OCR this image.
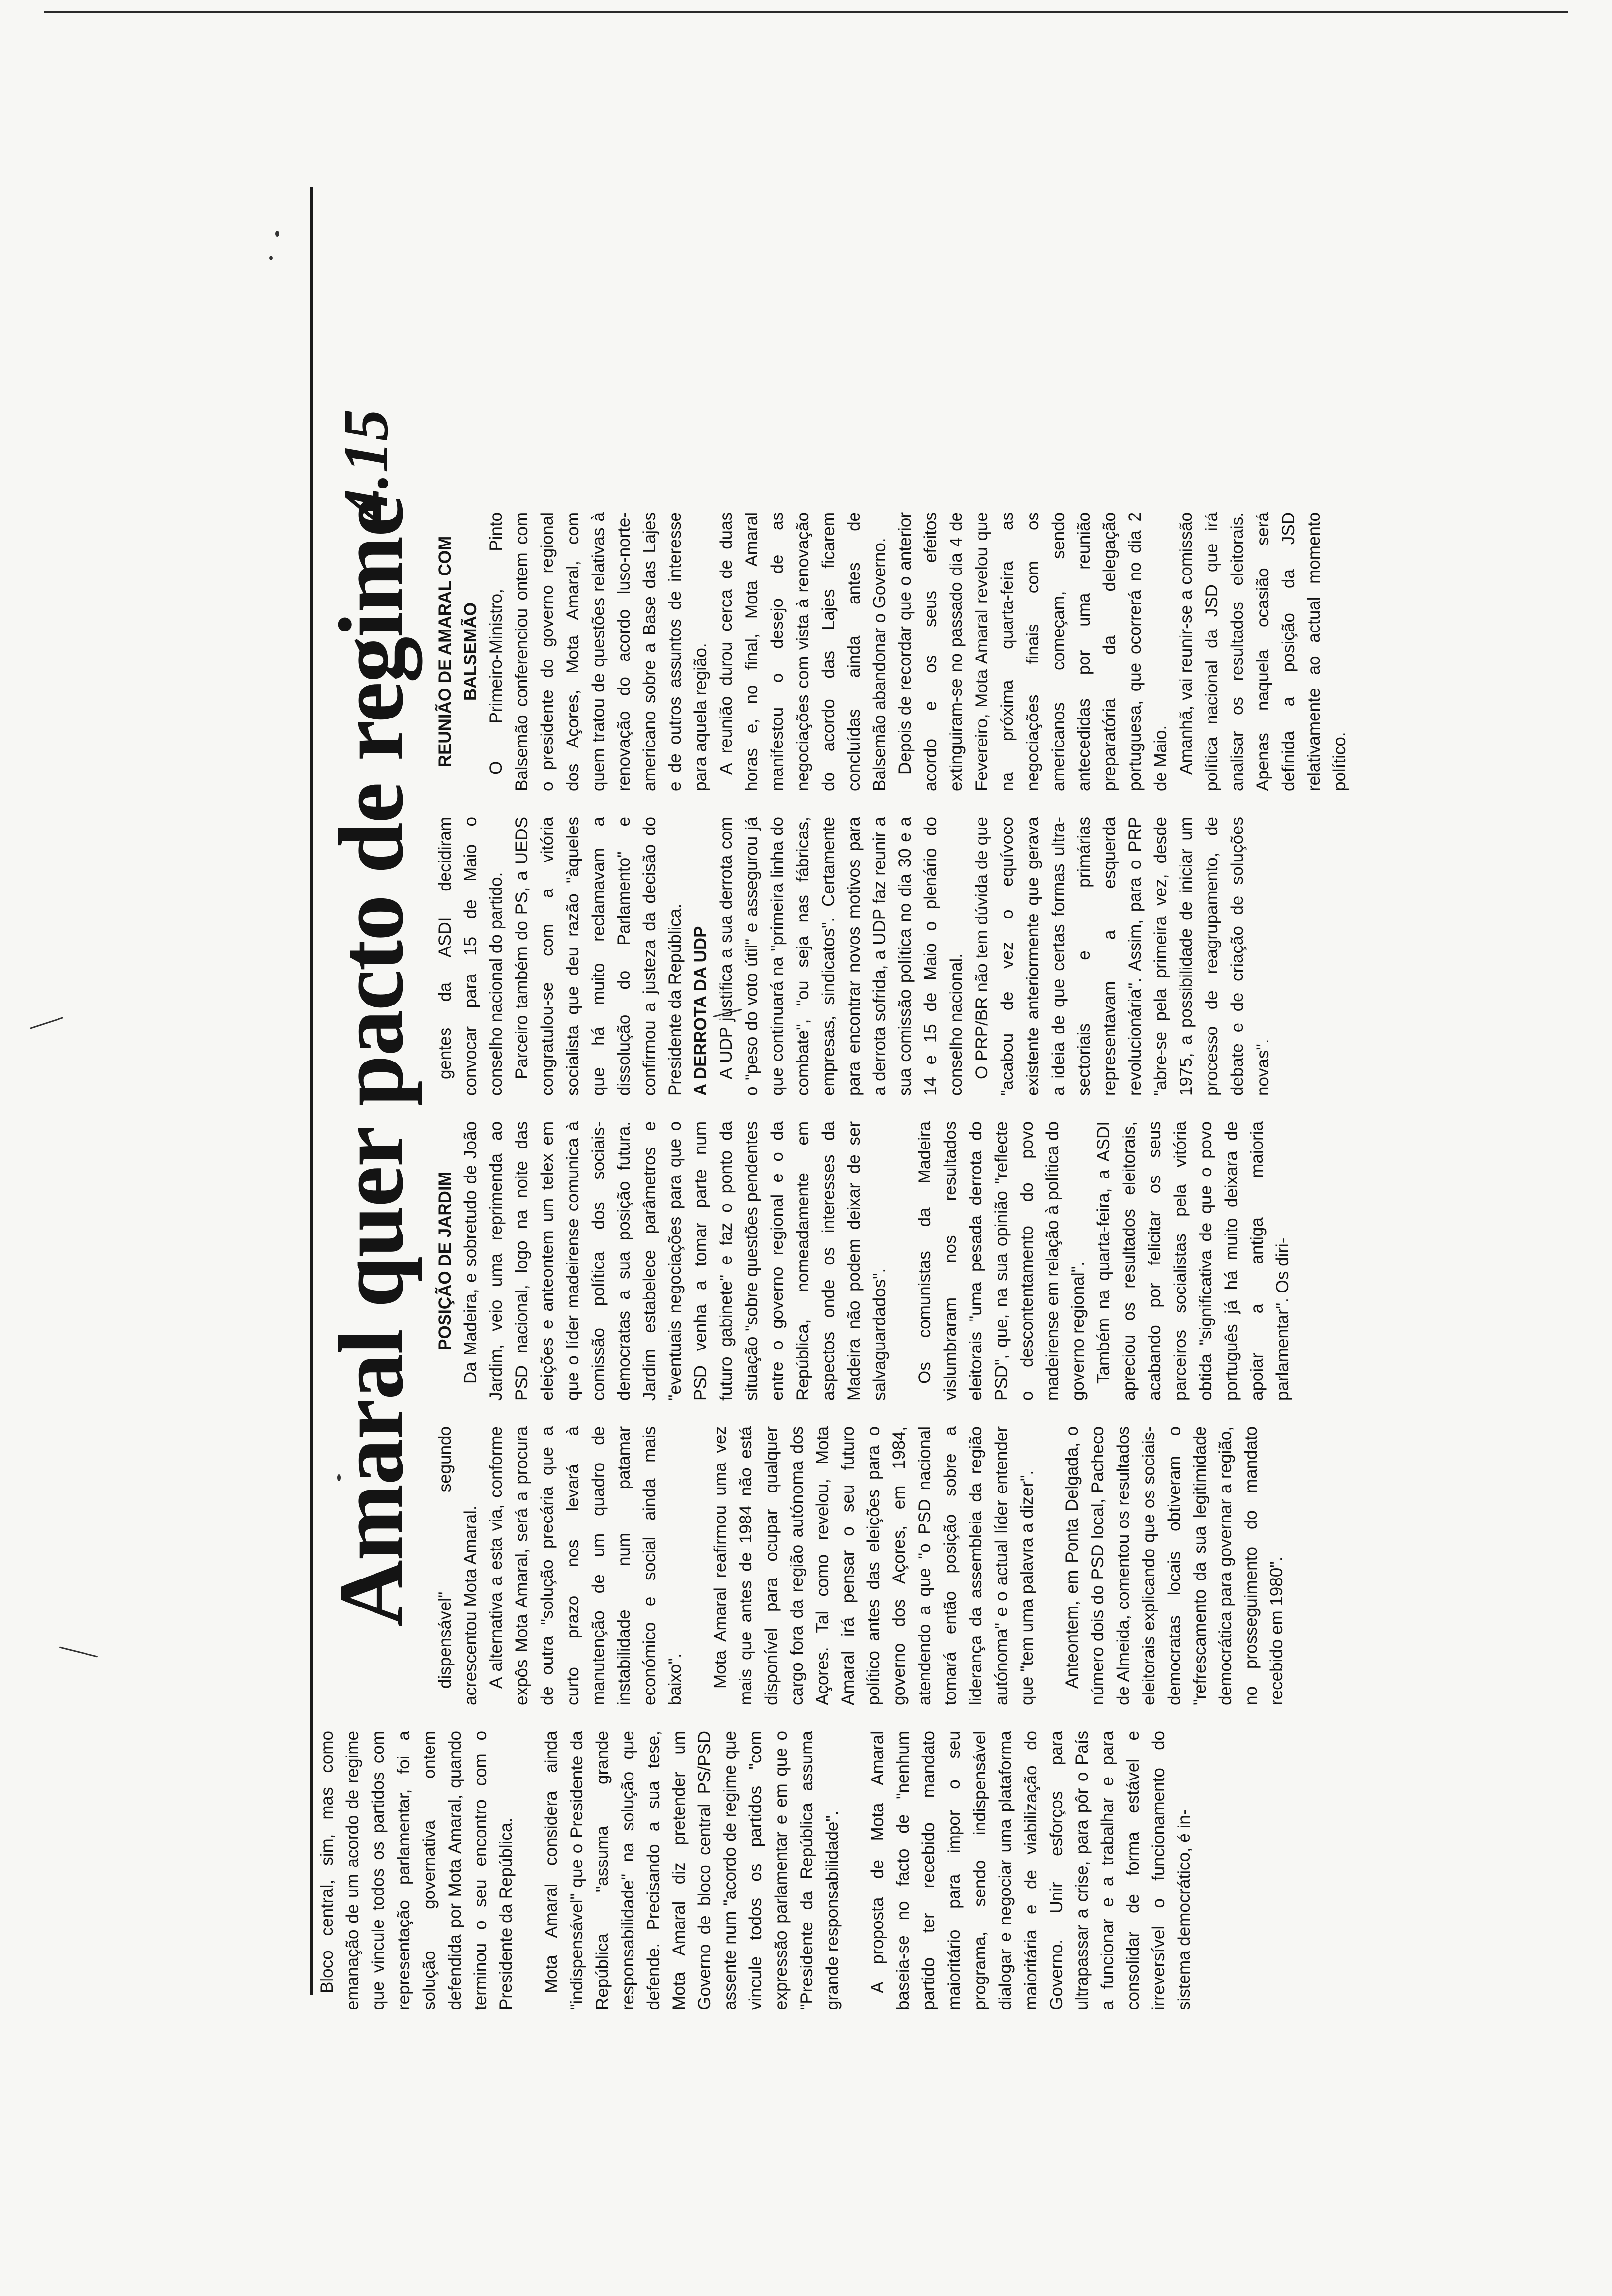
Amaral quer pacto de regime
4.15

Bloco central, sim, mas como emanação de um acordo de regime que vincule todos os partidos com representação parlamentar, foi a solução governativa ontem defendida por Mota Amaral, quando terminou o seu encontro com o Presidente da República. Mota Amaral considera ainda "indispensável" que o Presidente da República "assuma grande responsabilidade" na solução que defende. Precisando a sua tese, Mota Amaral diz pretender um Governo de bloco central PS/PSD assente num "acordo de regime que vincule todos os partidos "com expressão parlamentar e em que o "Presidente da República assuma grande responsabilidade". A proposta de Mota Amaral baseia-se no facto de "nenhum partido ter recebido mandato maioritário para impor o seu programa, sendo indispensável dialogar e negociar uma plataforma maioritária e de viabilização do Governo. Unir esforços para ultrapassar a crise, para pôr o País a funcionar e a trabalhar e para consolidar de forma estável e irreversível o funcionamento do sistema democrático, é in-

dispensável" segundo acrescentou Mota Amaral. A alternativa a esta via, conforme expôs Mota Amaral, será a procura de outra "solução precária que a curto prazo nos levará à manutenção de um quadro de instabilidade num patamar económico e social ainda mais baixo". Mota Amaral reafirmou uma vez mais que antes de 1984 não está disponível para ocupar qualquer cargo fora da região autónoma dos Açores. Tal como revelou, Mota Amaral irá pensar o seu futuro político antes das eleições para o governo dos Açores, em 1984, atendendo a que "o PSD nacional tomará então posição sobre a liderança da assembleia da região autónoma" e o actual líder entender que "tem uma palavra a dizer". Anteontem, em Ponta Delgada, o número dois do PSD local, Pacheco de Almeida, comentou os resultados eleitorais explicando que os sociais-democratas locais obtiveram o "refrescamento da sua legitimidade democrática para governar a região, no prosseguimento do mandato recebido em 1980".

POSIÇÃO DE JARDIM Da Madeira, e sobretudo de João Jardim, veio uma reprimenda ao PSD nacional, logo na noite das eleições e anteontem um telex em que o líder madeirense comunica à comissão política dos sociais-democratas a sua posição futura. Jardim estabelece parâmetros e "eventuais negociações para que o PSD venha a tomar parte num futuro gabinete" e faz o ponto da situação "sobre questões pendentes entre o governo regional e o da República, nomeadamente em aspectos onde os interesses da Madeira não podem deixar de ser salvaguardados". Os comunistas da Madeira vislumbraram nos resultados eleitorais "uma pesada derrota do PSD", que, na sua opinião "reflecte o descontentamento do povo madeirense em relação à política do governo regional". Também na quarta-feira, a ASDI apreciou os resultados eleitorais, acabando por felicitar os seus parceiros socialistas pela vitória obtida "significativa de que o povo português já há muito deixara de apoiar a antiga maioria parlamentar". Os diri-

gentes da ASDI decidiram convocar para 15 de Maio o conselho nacional do partido. Parceiro também do PS, a UEDS congratulou-se com a vitória socialista que deu razão "àqueles que há muito reclamavam a dissolução do Parlamento" e confirmou a justeza da decisão do Presidente da República. A DERROTA DA UDP A UDP justifica a sua derrota com o "peso do voto útil" e assegurou já que continuará na "primeira linha do combate", "ou seja nas fábricas, empresas, sindicatos". Certamente para encontrar novos motivos para a derrota sofrida, a UDP faz reunir a sua comissão política no dia 30 e a 14 e 15 de Maio o plenário do conselho nacional. O PRP/BR não tem dúvida de que "acabou de vez o equívoco existente anteriormente que gerava a ideia de que certas formas ultra-sectoriais e primárias representavam a esquerda revolucionária". Assim, para o PRP "abre-se pela primeira vez, desde 1975, a possibilidade de iniciar um processo de reagrupamento, de debate e de criação de soluções novas".

REUNIÃO DE AMARAL COM BALSEMÃO O Primeiro-Ministro, Pinto Balsemão conferenciou ontem com o presidente do governo regional dos Açores, Mota Amaral, com quem tratou de questões relativas à renovação do acordo luso-norte-americano sobre a Base das Lajes e de outros assuntos de interesse para aquela região. A reunião durou cerca de duas horas e, no final, Mota Amaral manifestou o desejo de as negociações com vista à renovação do acordo das Lajes ficarem concluídas ainda antes de Balsemão abandonar o Governo. Depois de recordar que o anterior acordo e os seus efeitos extinguiram-se no passado dia 4 de Fevereiro, Mota Amaral revelou que na próxima quarta-feira as negociações finais com os americanos começam, sendo antecedidas por uma reunião preparatória da delegação portuguesa, que ocorrerá no dia 2 de Maio. Amanhã, vai reunir-se a comissão política nacional da JSD que irá analisar os resultados eleitorais. Apenas naquela ocasião será definida a posição da JSD relativamente ao actual momento político.
